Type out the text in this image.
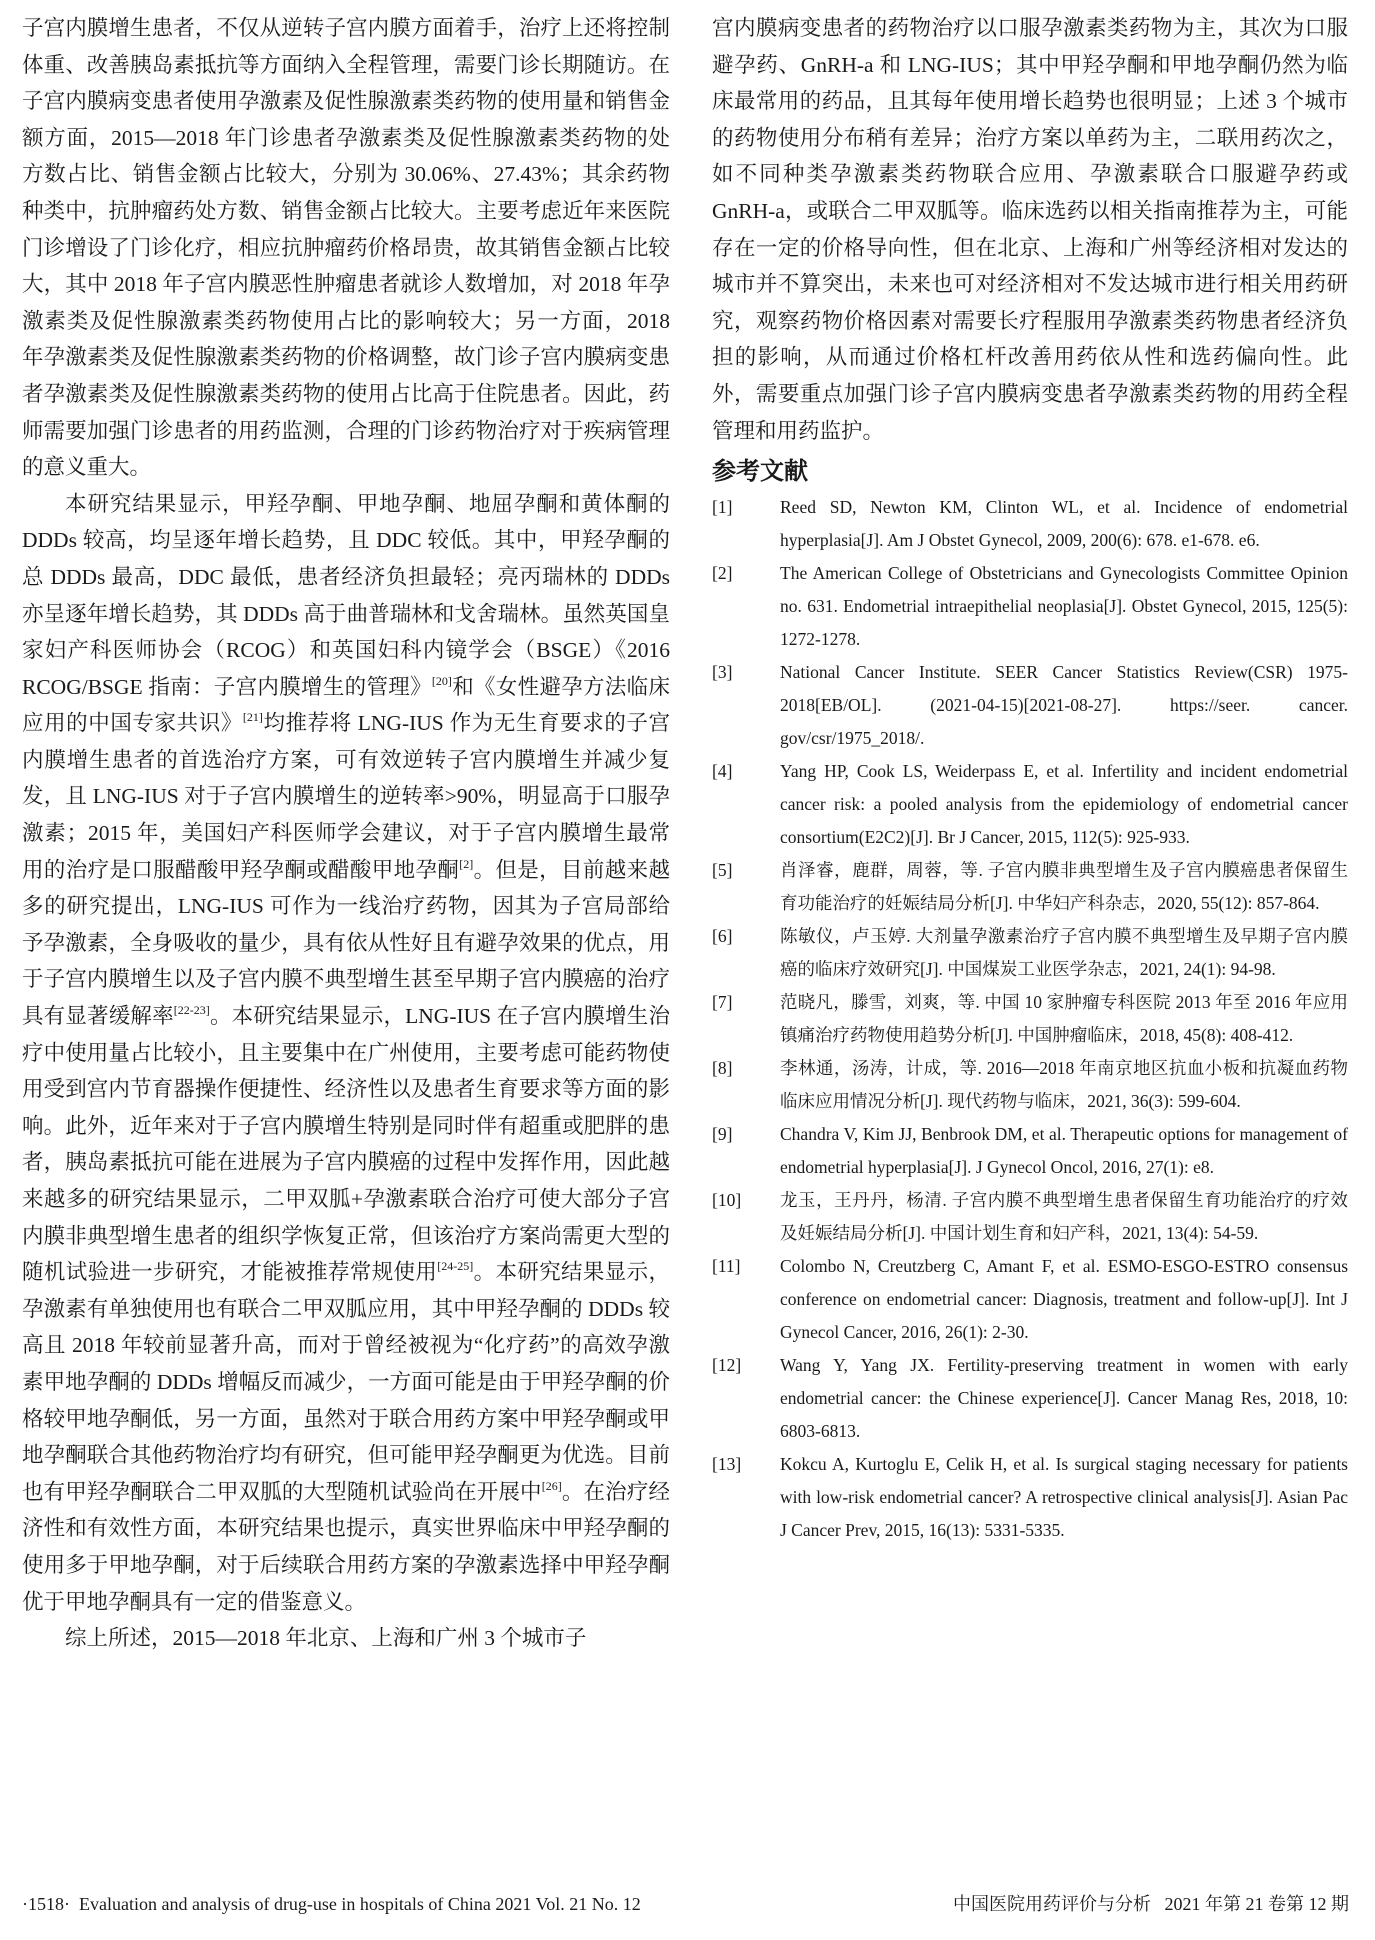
子宫内膜增生患者，不仅从逆转子宫内膜方面着手，治疗上还将控制体重、改善胰岛素抵抗等方面纳入全程管理，需要门诊长期随访。在子宫内膜病变患者使用孕激素及促性腺激素类药物的使用量和销售金额方面，2015—2018 年门诊患者孕激素类及促性腺激素类药物的处方数占比、销售金额占比较大，分别为 30.06%、27.43%；其余药物种类中，抗肿瘤药处方数、销售金额占比较大。主要考虑近年来医院门诊增设了门诊化疗，相应抗肿瘤药价格昂贵，故其销售金额占比较大，其中 2018 年子宫内膜恶性肿瘤患者就诊人数增加，对 2018 年孕激素类及促性腺激素类药物使用占比的影响较大；另一方面，2018 年孕激素类及促性腺激素类药物的价格调整，故门诊子宫内膜病变患者孕激素类及促性腺激素类药物的使用占比高于住院患者。因此，药师需要加强门诊患者的用药监测，合理的门诊药物治疗对于疾病管理的意义重大。

本研究结果显示，甲羟孕酮、甲地孕酮、地屈孕酮和黄体酮的 DDDs 较高，均呈逐年增长趋势，且 DDC 较低。其中，甲羟孕酮的总 DDDs 最高，DDC 最低，患者经济负担最轻；亮丙瑞林的 DDDs 亦呈逐年增长趋势，其 DDDs 高于曲普瑞林和戈舍瑞林。虽然英国皇家妇产科医师协会（RCOG）和英国妇科内镜学会（BSGE）《2016 RCOG/BSGE 指南：子宫内膜增生的管理》[20]和《女性避孕方法临床应用的中国专家共识》[21]均推荐将 LNG-IUS 作为无生育要求的子宫内膜增生患者的首选治疗方案，可有效逆转子宫内膜增生并减少复发，且 LNG-IUS 对于子宫内膜增生的逆转率>90%，明显高于口服孕激素；2015 年，美国妇产科医师学会建议，对于子宫内膜增生最常用的治疗是口服醋酸甲羟孕酮或醋酸甲地孕酮[2]。但是，目前越来越多的研究提出，LNG-IUS 可作为一线治疗药物，因其为子宫局部给予孕激素，全身吸收的量少，具有依从性好且有避孕效果的优点，用于子宫内膜增生以及子宫内膜不典型增生甚至早期子宫内膜癌的治疗具有显著缓解率[22-23]。本研究结果显示，LNG-IUS 在子宫内膜增生治疗中使用量占比较小，且主要集中在广州使用，主要考虑可能药物使用受到宫内节育器操作便捷性、经济性以及患者生育要求等方面的影响。此外，近年来对于子宫内膜增生特别是同时伴有超重或肥胖的患者，胰岛素抵抗可能在进展为子宫内膜癌的过程中发挥作用，因此越来越多的研究结果显示，二甲双胍+孕激素联合治疗可使大部分子宫内膜非典型增生患者的组织学恢复正常，但该治疗方案尚需更大型的随机试验进一步研究，才能被推荐常规使用[24-25]。本研究结果显示，孕激素有单独使用也有联合二甲双胍应用，其中甲羟孕酮的 DDDs 较高且 2018 年较前显著升高，而对于曾经被视为“化疗药”的高效孕激素甲地孕酮的 DDDs 增幅反而减少，一方面可能是由于甲羟孕酮的价格较甲地孕酮低，另一方面，虽然对于联合用药方案中甲羟孕酮或甲地孕酮联合其他药物治疗均有研究，但可能甲羟孕酮更为优选。目前也有甲羟孕酮联合二甲双胍的大型随机试验尚在开展中[26]。在治疗经济性和有效性方面，本研究结果也提示，真实世界临床中甲羟孕酮的使用多于甲地孕酮，对于后续联合用药方案的孕激素选择中甲羟孕酮优于甲地孕酮具有一定的借鉴意义。

综上所述，2015—2018 年北京、上海和广州 3 个城市子

宫内膜病变患者的药物治疗以口服孕激素类药物为主，其次为口服避孕药、GnRH-a 和 LNG-IUS；其中甲羟孕酮和甲地孕酮仍然为临床最常用的药品，且其每年使用增长趋势也很明显；上述 3 个城市的药物使用分布稍有差异；治疗方案以单药为主，二联用药次之，如不同种类孕激素类药物联合应用、孕激素联合口服避孕药或 GnRH-a，或联合二甲双胍等。临床选药以相关指南推荐为主，可能存在一定的价格导向性，但在北京、上海和广州等经济相对发达的城市并不算突出，未来也可对经济相对不发达城市进行相关用药研究，观察药物价格因素对需要长疗程服用孕激素类药物患者经济负担的影响，从而通过价格杠杆改善用药依从性和选药偏向性。此外，需要重点加强门诊子宫内膜病变患者孕激素类药物的用药全程管理和用药监护。

参考文献
[1]	Reed SD, Newton KM, Clinton WL, et al. Incidence of endometrial hyperplasia[J]. Am J Obstet Gynecol, 2009, 200(6): 678. e1-678. e6.
[2]	The American College of Obstetricians and Gynecologists Committee Opinion no. 631. Endometrial intraepithelial neoplasia[J]. Obstet Gynecol, 2015, 125(5): 1272-1278.
[3]	National Cancer Institute. SEER Cancer Statistics Review(CSR) 1975-2018[EB/OL]. (2021-04-15)[2021-08-27]. https://seer. cancer. gov/csr/1975_2018/.
[4]	Yang HP, Cook LS, Weiderpass E, et al. Infertility and incident endometrial cancer risk: a pooled analysis from the epidemiology of endometrial cancer consortium(E2C2)[J]. Br J Cancer, 2015, 112(5): 925-933.
[5]	肖泽睿，鹿群，周蓉，等. 子宫内膜非典型增生及子宫内膜癌患者保留生育功能治疗的妊娠结局分析[J]. 中华妇产科杂志，2020, 55(12): 857-864.
[6]	陈敏仪，卢玉婷. 大剂量孕激素治疗子宫内膜不典型增生及早期子宫内膜癌的临床疗效研究[J]. 中国煤炭工业医学杂志，2021, 24(1): 94-98.
[7]	范晓凡，滕雪，刘爽，等. 中国 10 家肿瘤专科医院 2013 年至 2016 年应用镇痛治疗药物使用趋势分析[J]. 中国肿瘤临床，2018, 45(8): 408-412.
[8]	李林通，汤涛，计成，等. 2016—2018 年南京地区抗血小板和抗凝血药物临床应用情况分析[J]. 现代药物与临床，2021, 36(3): 599-604.
[9]	Chandra V, Kim JJ, Benbrook DM, et al. Therapeutic options for management of endometrial hyperplasia[J]. J Gynecol Oncol, 2016, 27(1): e8.
[10]	龙玉，王丹丹，杨清. 子宫内膜不典型增生患者保留生育功能治疗的疗效及妊娠结局分析[J]. 中国计划生育和妇产科，2021, 13(4): 54-59.
[11]	Colombo N, Creutzberg C, Amant F, et al. ESMO-ESGO-ESTRO consensus conference on endometrial cancer: Diagnosis, treatment and follow-up[J]. Int J Gynecol Cancer, 2016, 26(1): 2-30.
[12]	Wang Y, Yang JX. Fertility-preserving treatment in women with early endometrial cancer: the Chinese experience[J]. Cancer Manag Res, 2018, 10: 6803-6813.
[13]	Kokcu A, Kurtoglu E, Celik H, et al. Is surgical staging necessary for patients with low-risk endometrial cancer? A retrospective clinical analysis[J]. Asian Pac J Cancer Prev, 2015, 16(13): 5331-5335.
·1518·  Evaluation and analysis of drug-use in hospitals of China 2021 Vol. 21 No. 12	中国医院用药评价与分析   2021 年第 21 卷第 12 期
